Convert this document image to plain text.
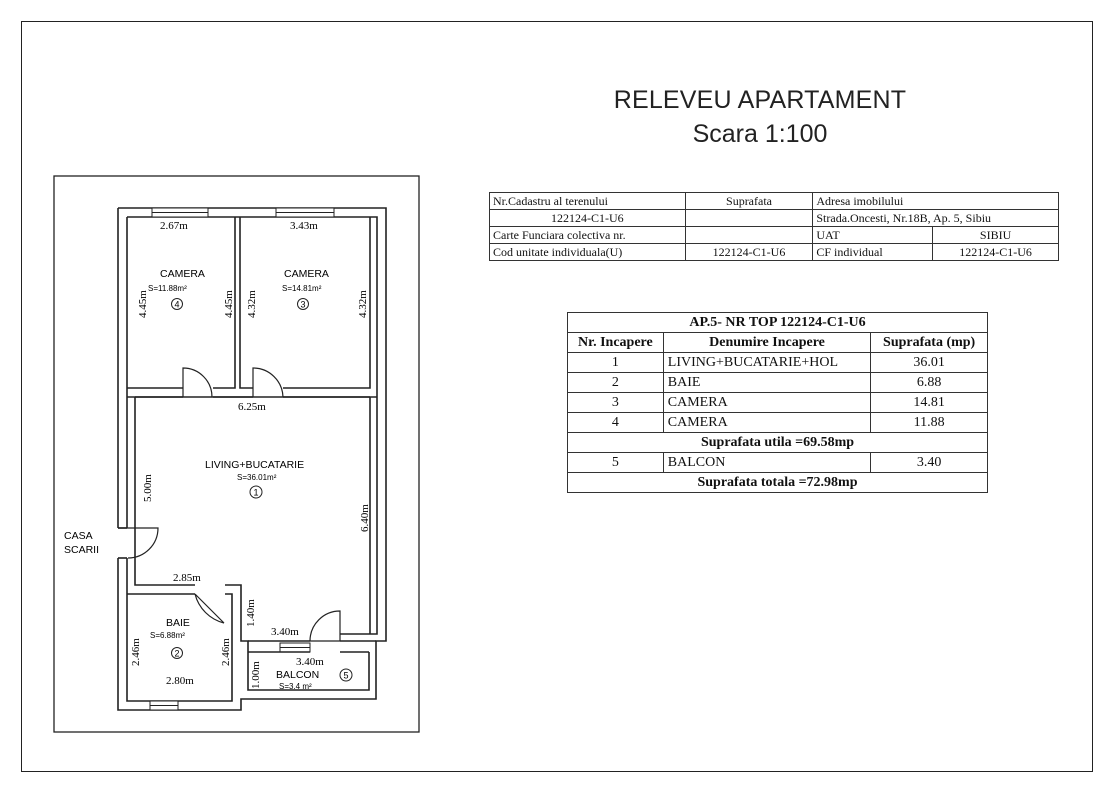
RELEVEU APARTAMENT
Scara 1:100
Nr.Cadastru al terenului	Suprafata	Adresa imobilului	
122124-C1-U6		Strada.Oncesti, Nr.18B, Ap. 5, Sibiu	
Carte Funciara colectiva nr.		UAT	SIBIU
Cod unitate individuala(U)	122124-C1-U6	CF individual	122124-C1-U6
AP.5- NR TOP 122124-C1-U6		
Nr. Incapere	Denumire Incapere	Suprafata (mp)
1	LIVING+BUCATARIE+HOL	36.01
2	BAIE	6.88
3	CAMERA	14.81
4	CAMERA	11.88
Suprafata utila =69.58mp		
5	BALCON	3.40
Suprafata totala =72.98mp		
2.67m
CAMERA
S=11.88m²
4
4.45m	4.45m
3.43m
CAMERA
S=14.81m²
3
4.32m	4.32m
6.25m
LIVING+BUCATARIE
S=36.01m²
1
5.00m
6.40m
2.85m
1.40m
BAIE
S=6.88m²
2
2.46m	2.46m
2.80m
3.40m
3.40m
BALCON
S=3.4 m²
5
1.00m
CASA
SCARII
